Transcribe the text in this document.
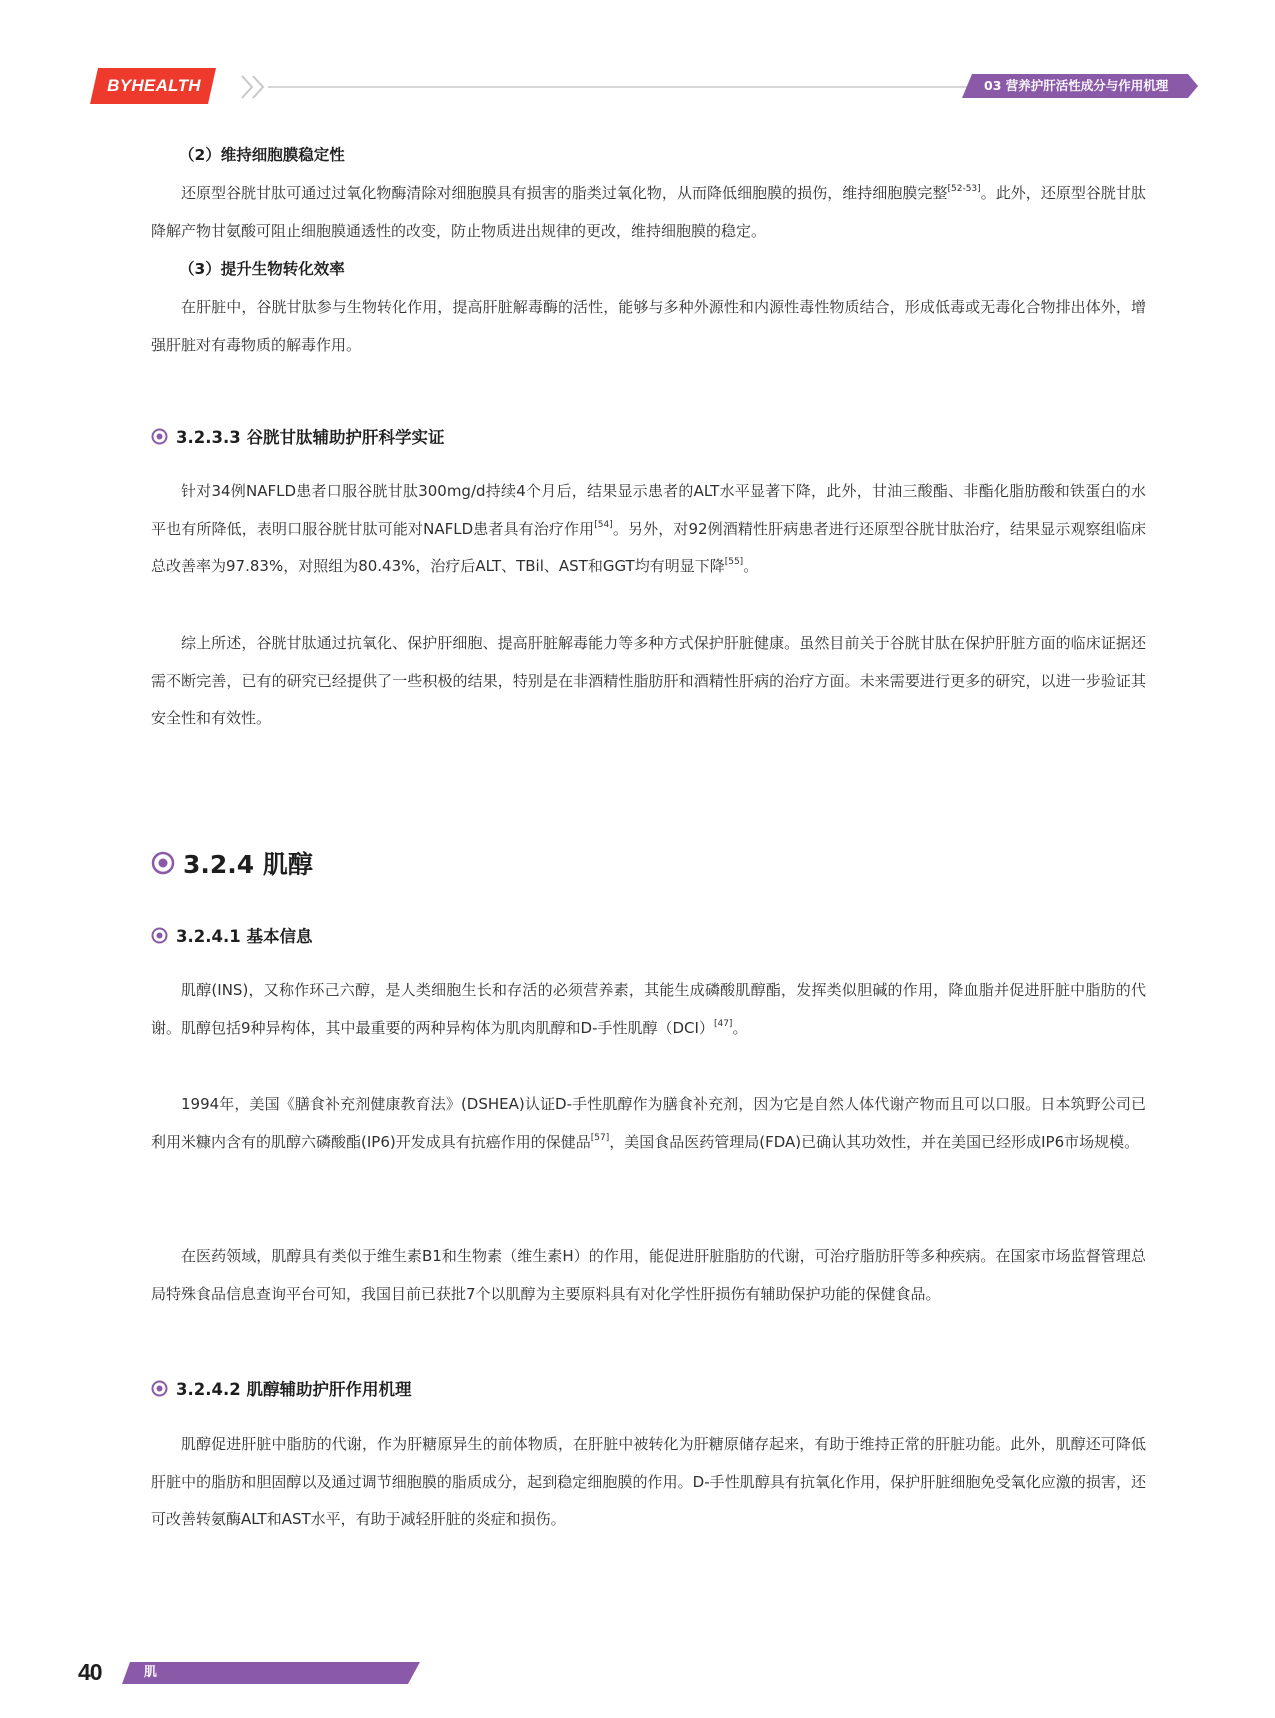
BYHEALTH	03 营养护肝活性成分与作用机理
（2）维持细胞膜稳定性

还原型谷胱甘肽可通过过氧化物酶清除对细胞膜具有损害的脂类过氧化物，从而降低细胞膜的损伤，维持细胞膜完整[52-53]。此外，还原型谷胱甘肽降解产物甘氨酸可阻止细胞膜通透性的改变，防止物质进出规律的更改，维持细胞膜的稳定。

（3）提升生物转化效率

在肝脏中，谷胱甘肽参与生物转化作用，提高肝脏解毒酶的活性，能够与多种外源性和内源性毒性物质结合，形成低毒或无毒化合物排出体外，增强肝脏对有毒物质的解毒作用。

3.2.3.3 谷胱甘肽辅助护肝科学实证

针对34例NAFLD患者口服谷胱甘肽300mg/d持续4个月后，结果显示患者的ALT水平显著下降，此外，甘油三酸酯、非酯化脂肪酸和铁蛋白的水平也有所降低，表明口服谷胱甘肽可能对NAFLD患者具有治疗作用[54]。另外，对92例酒精性肝病患者进行还原型谷胱甘肽治疗，结果显示观察组临床总改善率为97.83%，对照组为80.43%，治疗后ALT、TBil、AST和GGT均有明显下降[55]。

综上所述，谷胱甘肽通过抗氧化、保护肝细胞、提高肝脏解毒能力等多种方式保护肝脏健康。虽然目前关于谷胱甘肽在保护肝脏方面的临床证据还需不断完善，已有的研究已经提供了一些积极的结果，特别是在非酒精性脂肪肝和酒精性肝病的治疗方面。未来需要进行更多的研究，以进一步验证其安全性和有效性。

3.2.4 肌醇
3.2.4.1 基本信息

肌醇(INS)，又称作环己六醇，是人类细胞生长和存活的必须营养素，其能生成磷酸肌醇酯，发挥类似胆碱的作用，降血脂并促进肝脏中脂肪的代谢。肌醇包括9种异构体，其中最重要的两种异构体为肌肉肌醇和D-手性肌醇（DCI）[47]。

1994年，美国《膳食补充剂健康教育法》(DSHEA)认证D-手性肌醇作为膳食补充剂，因为它是自然人体代谢产物而且可以口服。日本筑野公司已利用米糠内含有的肌醇六磷酸酯(IP6)开发成具有抗癌作用的保健品[57]，美国食品医药管理局(FDA)已确认其功效性，并在美国已经形成IP6市场规模。

在医药领域，肌醇具有类似于维生素B1和生物素（维生素H）的作用，能促进肝脏脂肪的代谢，可治疗脂肪肝等多种疾病。在国家市场监督管理总局特殊食品信息查询平台可知，我国目前已获批7个以肌醇为主要原料具有对化学性肝损伤有辅助保护功能的保健食品。

3.2.4.2 肌醇辅助护肝作用机理

肌醇促进肝脏中脂肪的代谢，作为肝糖原异生的前体物质，在肝脏中被转化为肝糖原储存起来，有助于维持正常的肝脏功能。此外，肌醇还可降低肝脏中的脂肪和胆固醇以及通过调节细胞膜的脂质成分，起到稳定细胞膜的作用。D-手性肌醇具有抗氧化作用，保护肝脏细胞免受氧化应激的损害，还可改善转氨酶ALT和AST水平，有助于减轻肝脏的炎症和损伤。

40	肌醇
